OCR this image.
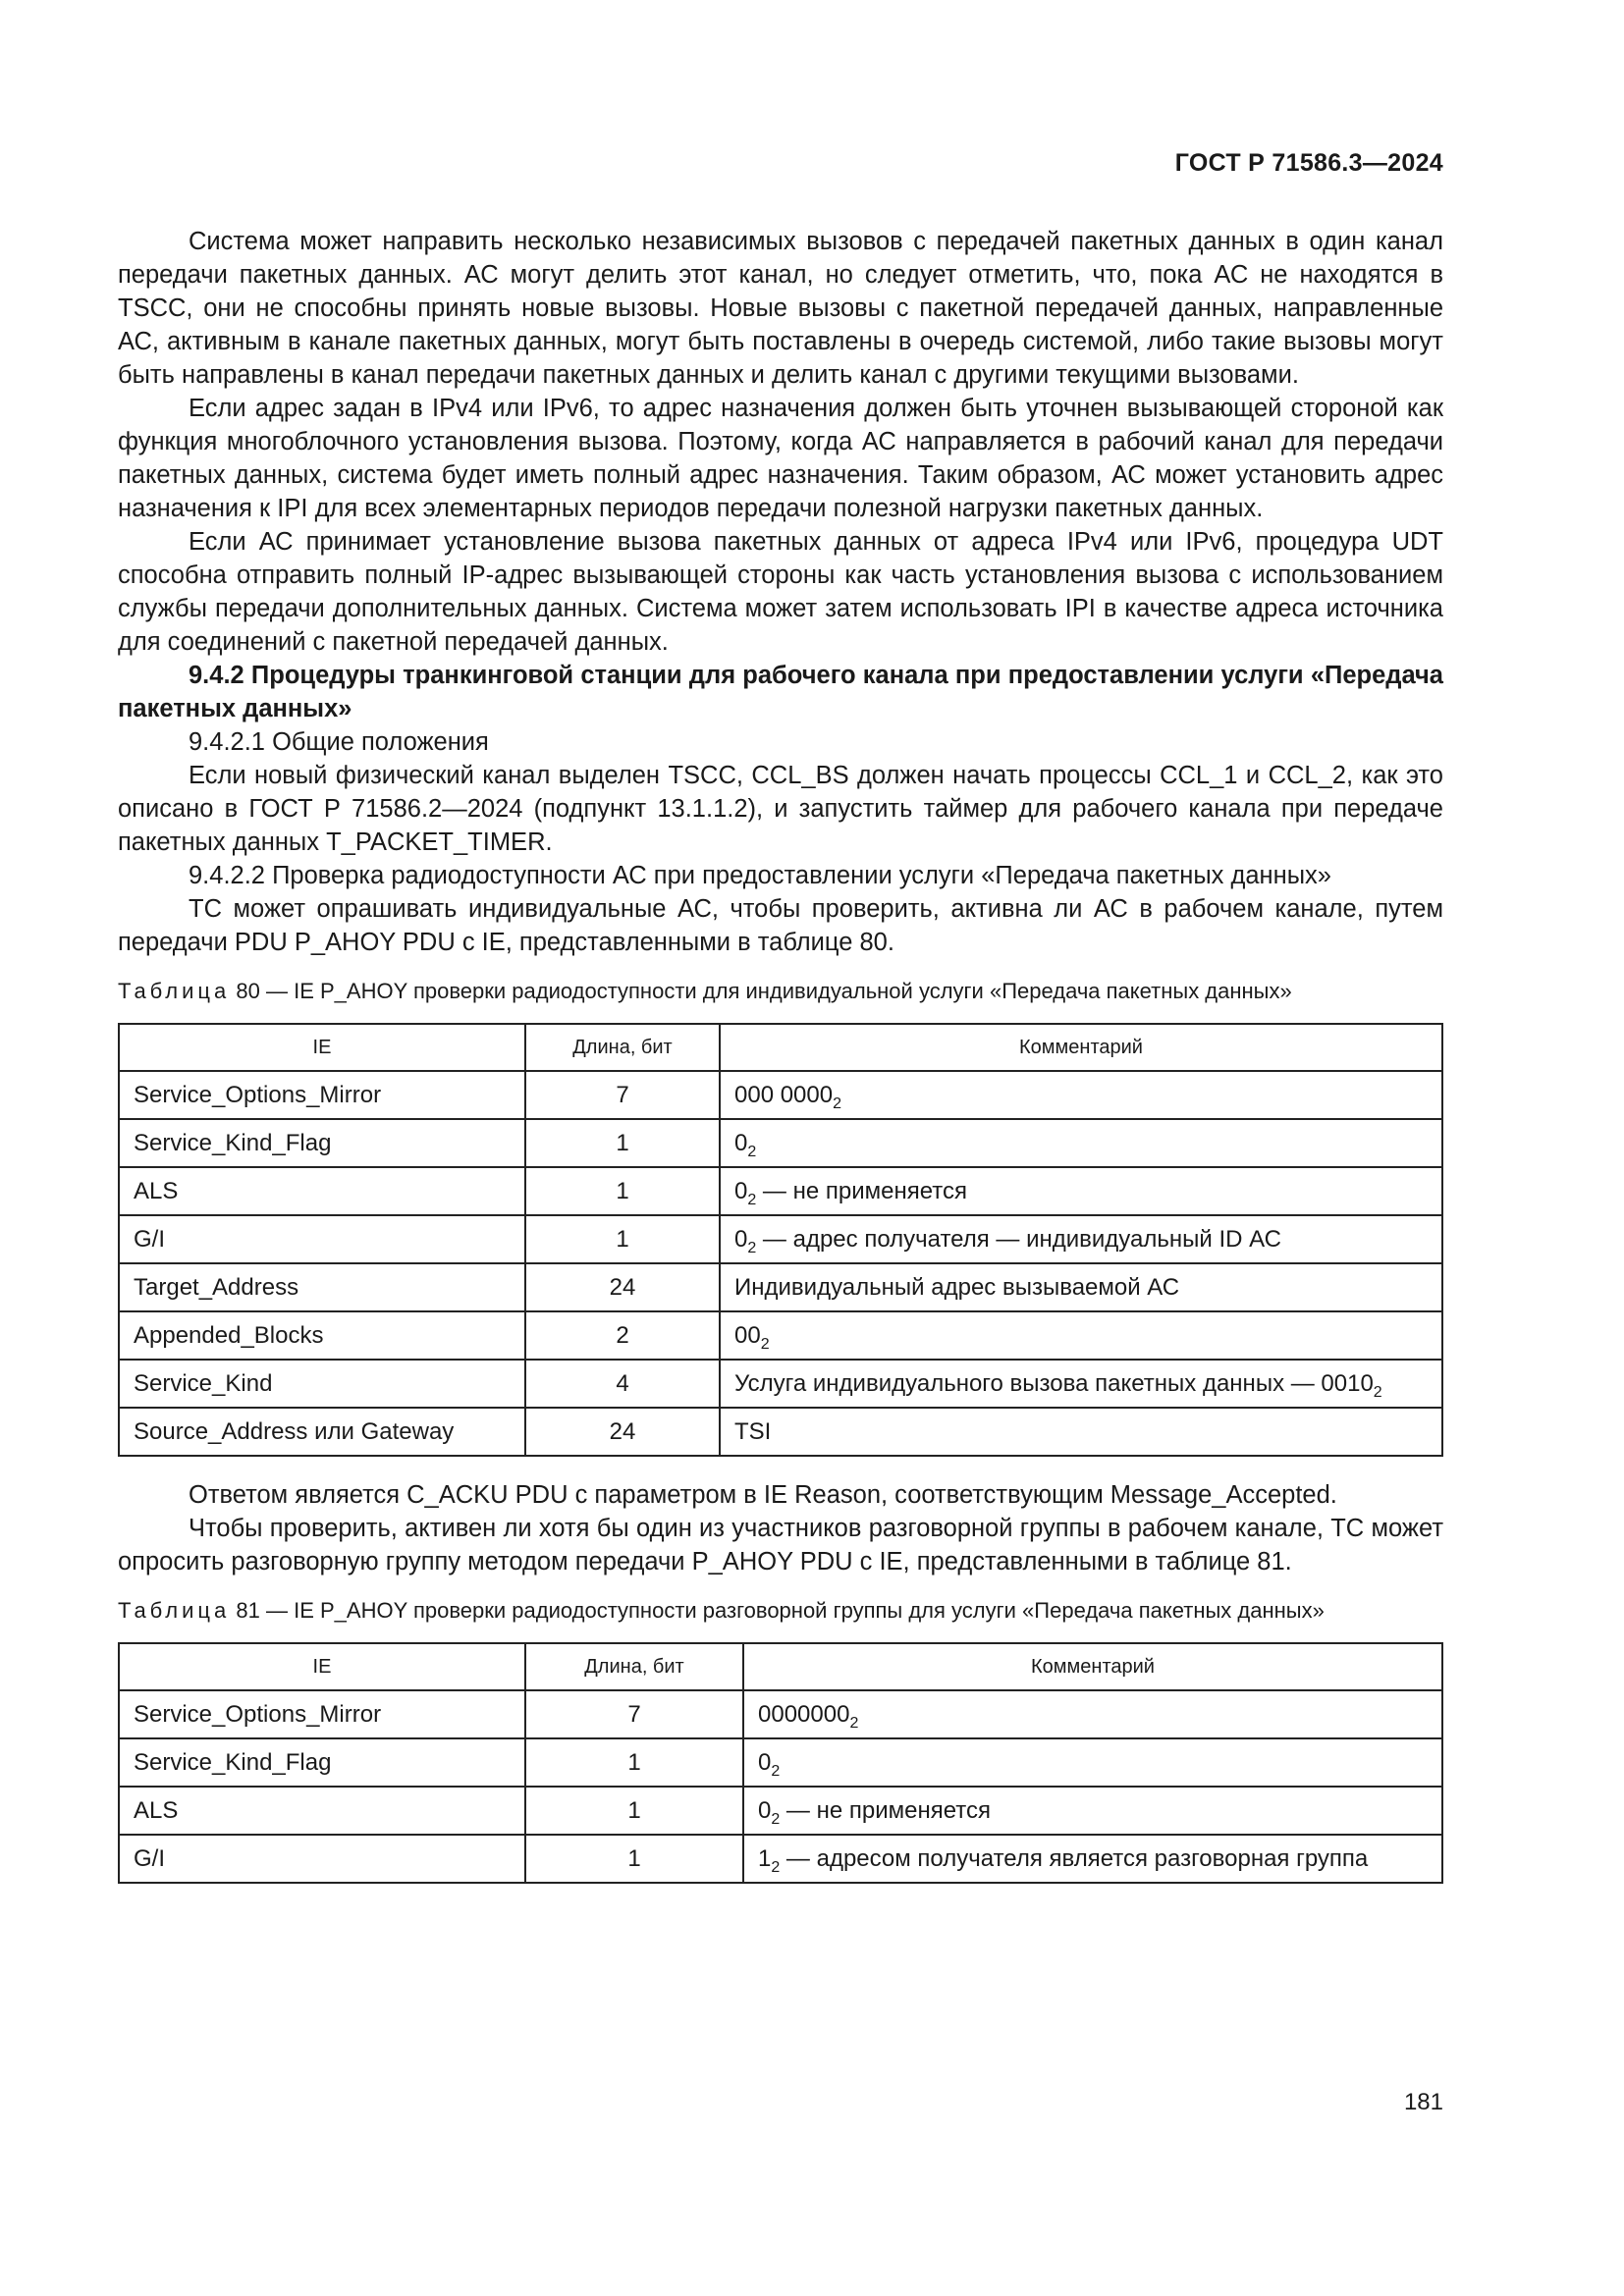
ГОСТ Р 71586.3—2024

Система может направить несколько независимых вызовов с передачей пакетных данных в один канал передачи пакетных данных. АС могут делить этот канал, но следует отметить, что, пока АС не находятся в TSCC, они не способны принять новые вызовы. Новые вызовы с пакетной передачей данных, направленные АС, активным в канале пакетных данных, могут быть поставлены в очередь системой, либо такие вызовы могут быть направлены в канал передачи пакетных данных и делить канал с другими текущими вызовами.

Если адрес задан в IPv4 или IPv6, то адрес назначения должен быть уточнен вызывающей стороной как функция многоблочного установления вызова. Поэтому, когда АС направляется в рабочий канал для передачи пакетных данных, система будет иметь полный адрес назначения. Таким образом, АС может установить адрес назначения к IPI для всех элементарных периодов передачи полезной нагрузки пакетных данных.

Если АС принимает установление вызова пакетных данных от адреса IPv4 или IPv6, процедура UDT способна отправить полный IP-адрес вызывающей стороны как часть установления вызова с использованием службы передачи дополнительных данных. Система может затем использовать IPI в качестве адреса источника для соединений с пакетной передачей данных.

9.4.2 Процедуры транкинговой станции для рабочего канала при предоставлении услуги «Передача пакетных данных»

9.4.2.1 Общие положения

Если новый физический канал выделен TSCC, CCL_BS должен начать процессы CCL_1 и CCL_2, как это описано в ГОСТ Р 71586.2—2024 (подпункт 13.1.1.2), и запустить таймер для рабочего канала при передаче пакетных данных T_PACKET_TIMER.

9.4.2.2 Проверка радиодоступности АС при предоставлении услуги «Передача пакетных данных»

ТС может опрашивать индивидуальные АС, чтобы проверить, активна ли АС в рабочем канале, путем передачи PDU P_AHOY PDU с IE, представленными в таблице 80.

Таблица 80 — IE P_AHOY проверки радиодоступности для индивидуальной услуги «Передача пакетных данных»

IE	Длина, бит	Комментарий
Service_Options_Mirror	7	000 $0000_2$
Service_Kind_Flag	1	$0_2$
ALS	1	$0_2$ — не применяется
G/I	1	$0_2$ — адрес получателя — индивидуальный ID АС
Target_Address	24	Индивидуальный адрес вызываемой АС
Appended_Blocks	2	$00_2$
Service_Kind	4	Услуга индивидуального вызова пакетных данных — $0010_2$
Source_Address или Gateway	24	TSI

Ответом является C_ACKU PDU с параметром в IE Reason, соответствующим Message_Accepted.

Чтобы проверить, активен ли хотя бы один из участников разговорной группы в рабочем канале, ТС может опросить разговорную группу методом передачи P_AHOY PDU с IE, представленными в таблице 81.

Таблица 81 — IE P_AHOY проверки радиодоступности разговорной группы для услуги «Передача пакетных данных»

IE	Длина, бит	Комментарий
Service_Options_Mirror	7	$0000000_2$
Service_Kind_Flag	1	$0_2$
ALS	1	$0_2$ — не применяется
G/I	1	$1_2$ — адресом получателя является разговорная группа
181
